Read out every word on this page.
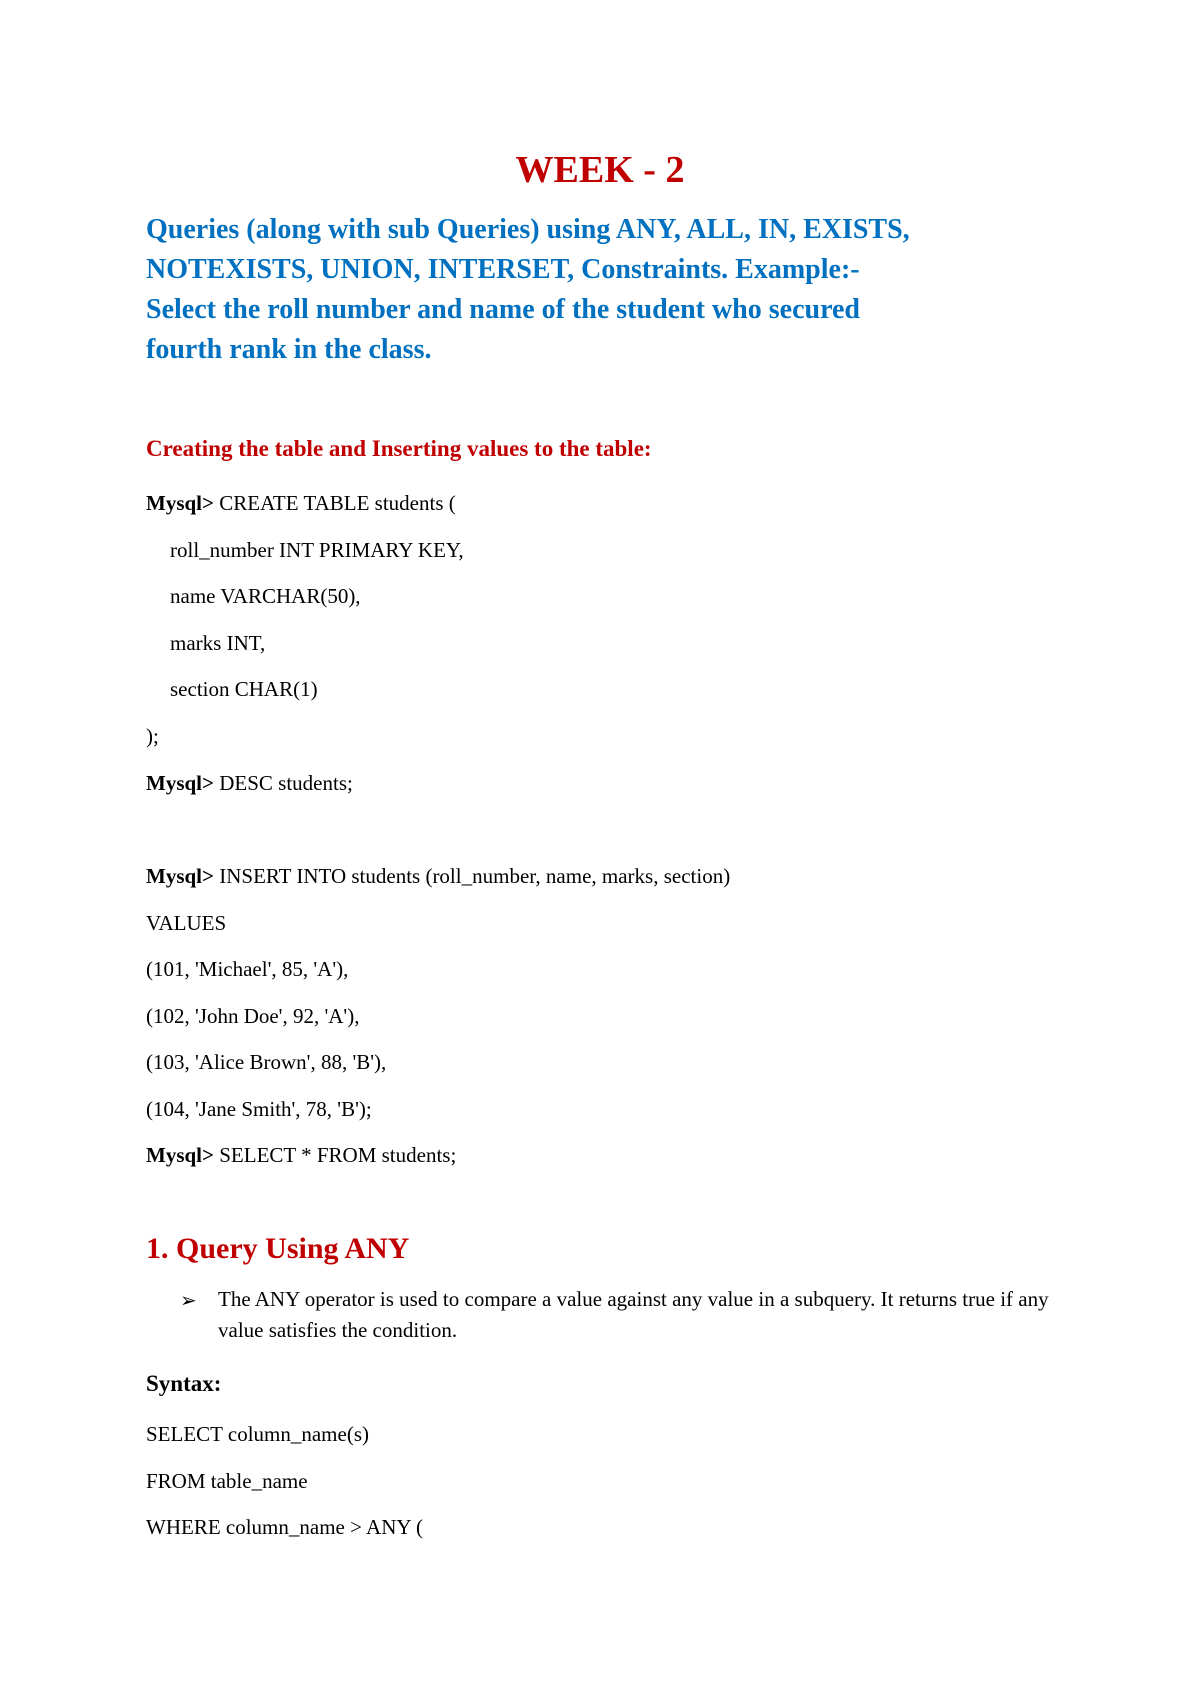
WEEK - 2
Queries (along with sub Queries) using ANY, ALL, IN, EXISTS,
NOTEXISTS, UNION, INTERSET, Constraints. Example:-
Select the roll number and name of the student who secured
fourth rank in the class.
Creating the table and Inserting values to the table:
Mysql> CREATE TABLE students (
roll_number INT PRIMARY KEY,
name VARCHAR(50),
marks INT,
section CHAR(1)
);
Mysql> DESC students;
Mysql> INSERT INTO students (roll_number, name, marks, section)
VALUES
(101, 'Michael', 85, 'A'),
(102, 'John Doe', 92, 'A'),
(103, 'Alice Brown', 88, 'B'),
(104, 'Jane Smith', 78, 'B');
Mysql> SELECT * FROM students;
1. Query Using ANY
➢ The ANY operator is used to compare a value against any value in a subquery. It returns true if any value satisfies the condition.
Syntax:
SELECT column_name(s)
FROM table_name
WHERE column_name > ANY (
